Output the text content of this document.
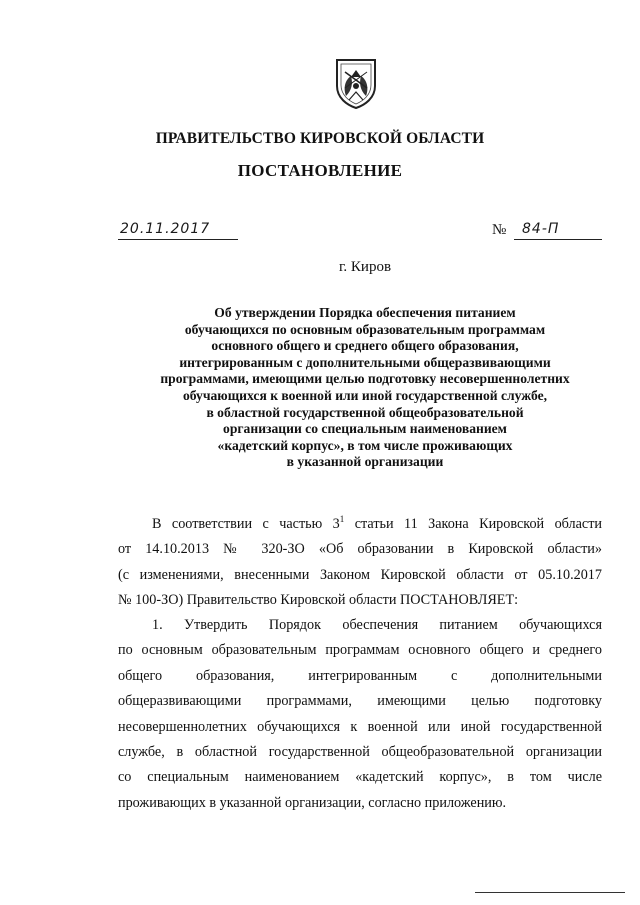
ПРАВИТЕЛЬСТВО КИРОВСКОЙ ОБЛАСТИ
ПОСТАНОВЛЕНИЕ
20.11.2017	№ 84-П
г. Киров
Об утверждении Порядка обеспечения питанием
обучающихся по основным образовательным программам
основного общего и среднего общего образования,
интегрированным с дополнительными общеразвивающими
программами, имеющими целью подготовку несовершеннолетних
обучающихся к военной или иной государственной службе,
в областной государственной общеобразовательной
организации со специальным наименованием
«кадетский корпус», в том числе проживающих
в указанной организации
В соответствии с частью $3^1$ статьи 11 Закона Кировской области
от 14.10.2013 № 320-ЗО «Об образовании в Кировской области»
(с изменениями, внесенными Законом Кировской области от 05.10.2017
№ 100-ЗО) Правительство Кировской области ПОСТАНОВЛЯЕТ:
1. Утвердить Порядок обеспечения питанием обучающихся
по основным образовательным программам основного общего и среднего
общего образования, интегрированным с дополнительными
общеразвивающими программами, имеющими целью подготовку
несовершеннолетних обучающихся к военной или иной государственной
службе, в областной государственной общеобразовательной организации
со специальным наименованием «кадетский корпус», в том числе
проживающих в указанной организации, согласно приложению.
